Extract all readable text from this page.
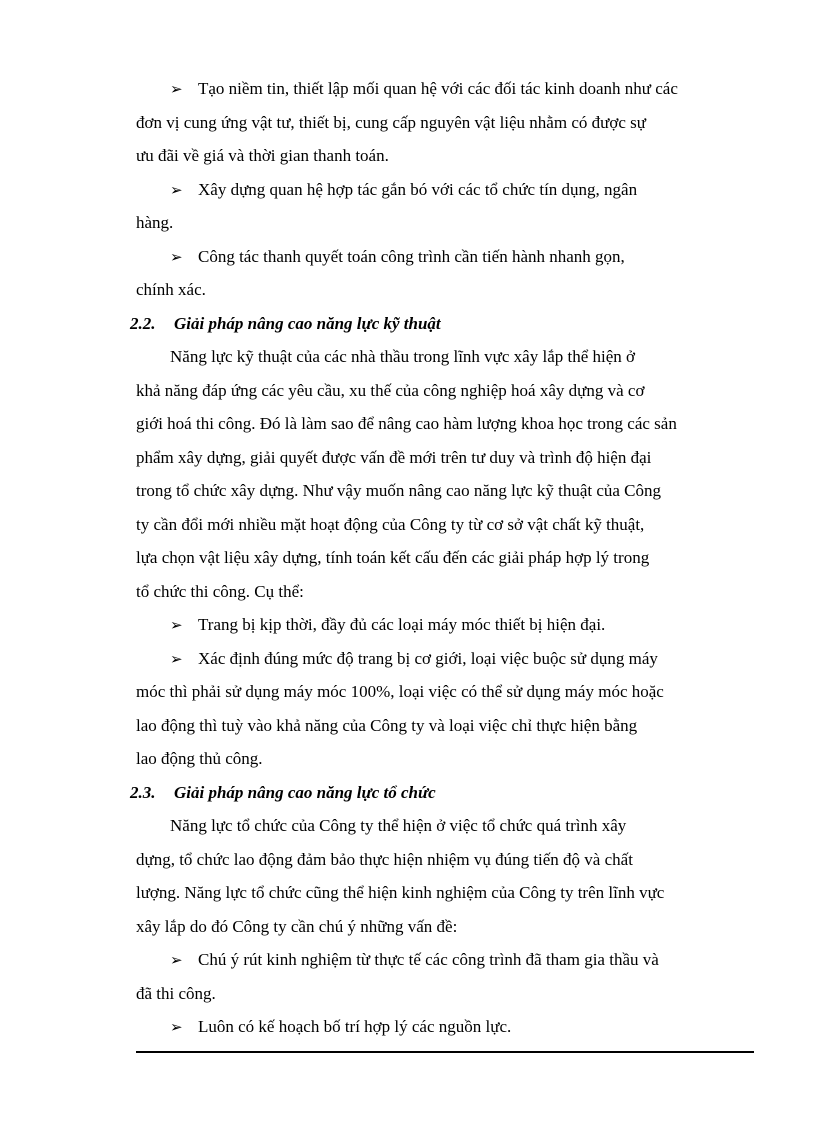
➢ Tạo niềm tin, thiết lập mối quan hệ với các đối tác kinh doanh như các
đơn vị cung ứng vật tư, thiết bị, cung cấp nguyên vật liệu nhằm có được sự
ưu đãi về giá và thời gian thanh toán.
➢ Xây dựng quan hệ hợp tác gắn bó với các tổ chức tín dụng, ngân
hàng.
➢ Công tác thanh quyết toán công trình cần tiến hành nhanh gọn,
chính xác.
2.2. Giải pháp nâng cao năng lực kỹ thuật
Năng lực kỹ thuật của các nhà thầu trong lĩnh vực xây lắp thể hiện ở
khả năng đáp ứng các yêu cầu, xu thế của công nghiệp hoá xây dựng và cơ
giới hoá thi công. Đó là làm sao để nâng cao hàm lượng khoa học trong các sản
phẩm xây dựng, giải quyết được vấn đề mới trên tư duy và trình độ hiện đại
trong tổ chức xây dựng. Như vậy muốn nâng cao năng lực kỹ thuật của Công
ty cần đổi mới nhiều mặt hoạt động của Công ty từ cơ sở vật chất kỹ thuật,
lựa chọn vật liệu xây dựng, tính toán kết cấu đến các giải pháp hợp lý trong
tổ chức thi công. Cụ thể:
➢ Trang bị kịp thời, đầy đủ các loại máy móc thiết bị hiện đại.
➢ Xác định đúng mức độ trang bị cơ giới, loại việc buộc sử dụng máy
móc thì phải sử dụng máy móc 100%, loại việc có thể sử dụng máy móc hoặc
lao động thì tuỳ vào khả năng của Công ty và loại việc chỉ thực hiện bằng
lao động thủ công.
2.3. Giải pháp nâng cao năng lực tổ chức
Năng lực tổ chức của Công ty thể hiện ở việc tổ chức quá trình xây
dựng, tổ chức lao động đảm bảo thực hiện nhiệm vụ đúng tiến độ và chất
lượng. Năng lực tổ chức cũng thể hiện kinh nghiệm của Công ty trên lĩnh vực
xây lắp do đó Công ty cần chú ý những vấn đề:
➢ Chú ý rút kinh nghiệm từ thực tế các công trình đã tham gia thầu và
đã thi công.
➢ Luôn có kế hoạch bố trí hợp lý các nguồn lực.
